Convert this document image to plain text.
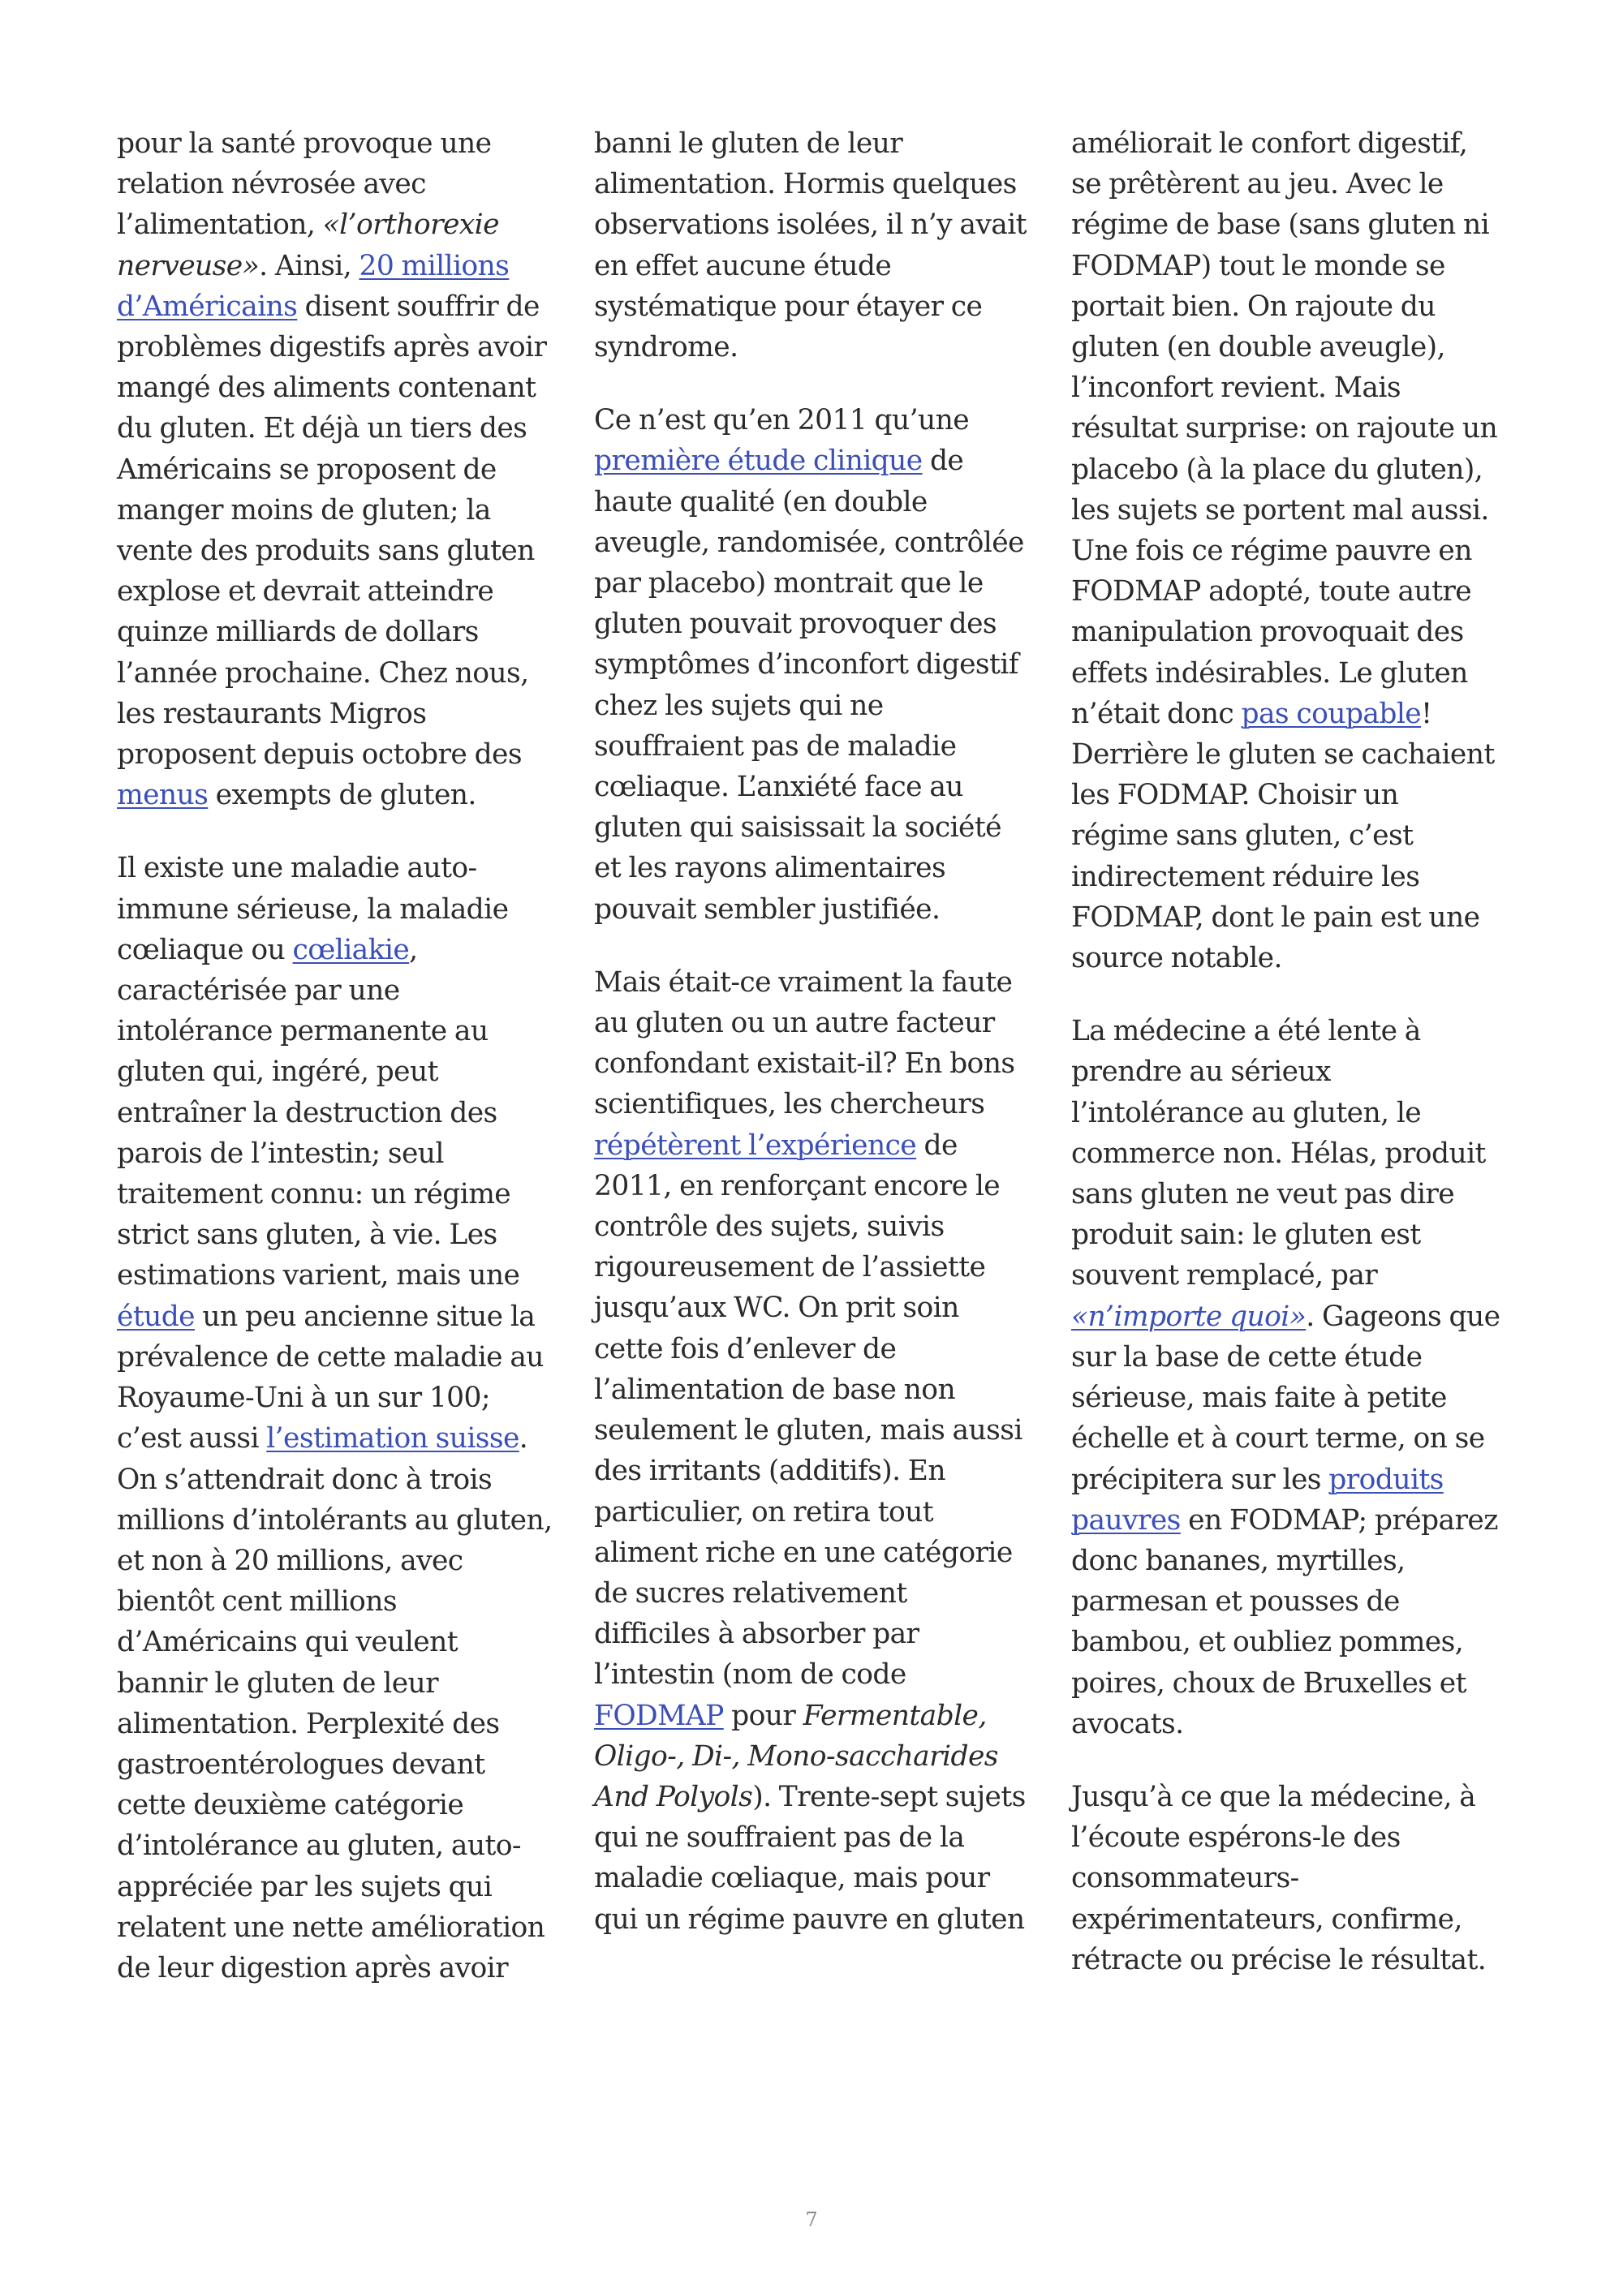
pour la santé provoque une
relation névrosée avec
l’alimentation, «l’orthorexie
nerveuse». Ainsi, 20 millions
d’Américains disent souffrir de
problèmes digestifs après avoir
mangé des aliments contenant
du gluten. Et déjà un tiers des
Américains se proposent de
manger moins de gluten; la
vente des produits sans gluten
explose et devrait atteindre
quinze milliards de dollars
l’année prochaine. Chez nous,
les restaurants Migros
proposent depuis octobre des
menus exempts de gluten.

Il existe une maladie auto-
immune sérieuse, la maladie
cœliaque ou cœliakie,
caractérisée par une
intolérance permanente au
gluten qui, ingéré, peut
entraîner la destruction des
parois de l’intestin; seul
traitement connu: un régime
strict sans gluten, à vie. Les
estimations varient, mais une
étude un peu ancienne situe la
prévalence de cette maladie au
Royaume-Uni à un sur 100;
c’est aussi l’estimation suisse.
On s’attendrait donc à trois
millions d’intolérants au gluten,
et non à 20 millions, avec
bientôt cent millions
d’Américains qui veulent
bannir le gluten de leur
alimentation. Perplexité des
gastroentérologues devant
cette deuxième catégorie
d’intolérance au gluten, auto-
appréciée par les sujets qui
relatent une nette amélioration
de leur digestion après avoir

banni le gluten de leur
alimentation. Hormis quelques
observations isolées, il n’y avait
en effet aucune étude
systématique pour étayer ce
syndrome.

Ce n’est qu’en 2011 qu’une
première étude clinique de
haute qualité (en double
aveugle, randomisée, contrôlée
par placebo) montrait que le
gluten pouvait provoquer des
symptômes d’inconfort digestif
chez les sujets qui ne
souffraient pas de maladie
cœliaque. L’anxiété face au
gluten qui saisissait la société
et les rayons alimentaires
pouvait sembler justifiée.

Mais était-ce vraiment la faute
au gluten ou un autre facteur
confondant existait-il? En bons
scientifiques, les chercheurs
répétèrent l’expérience de
2011, en renforçant encore le
contrôle des sujets, suivis
rigoureusement de l’assiette
jusqu’aux WC. On prit soin
cette fois d’enlever de
l’alimentation de base non
seulement le gluten, mais aussi
des irritants (additifs). En
particulier, on retira tout
aliment riche en une catégorie
de sucres relativement
difficiles à absorber par
l’intestin (nom de code
FODMAP pour Fermentable,
Oligo-, Di-, Mono-saccharides
And Polyols). Trente-sept sujets
qui ne souffraient pas de la
maladie cœliaque, mais pour
qui un régime pauvre en gluten

améliorait le confort digestif,
se prêtèrent au jeu. Avec le
régime de base (sans gluten ni
FODMAP) tout le monde se
portait bien. On rajoute du
gluten (en double aveugle),
l’inconfort revient. Mais
résultat surprise: on rajoute un
placebo (à la place du gluten),
les sujets se portent mal aussi.
Une fois ce régime pauvre en
FODMAP adopté, toute autre
manipulation provoquait des
effets indésirables. Le gluten
n’était donc pas coupable!
Derrière le gluten se cachaient
les FODMAP. Choisir un
régime sans gluten, c’est
indirectement réduire les
FODMAP, dont le pain est une
source notable.

La médecine a été lente à
prendre au sérieux
l’intolérance au gluten, le
commerce non. Hélas, produit
sans gluten ne veut pas dire
produit sain: le gluten est
souvent remplacé, par
«n’importe quoi». Gageons que
sur la base de cette étude
sérieuse, mais faite à petite
échelle et à court terme, on se
précipitera sur les produits
pauvres en FODMAP; préparez
donc bananes, myrtilles,
parmesan et pousses de
bambou, et oubliez pommes,
poires, choux de Bruxelles et
avocats.

Jusqu’à ce que la médecine, à
l’écoute espérons-le des
consommateurs-
expérimentateurs, confirme,
rétracte ou précise le résultat.

7
